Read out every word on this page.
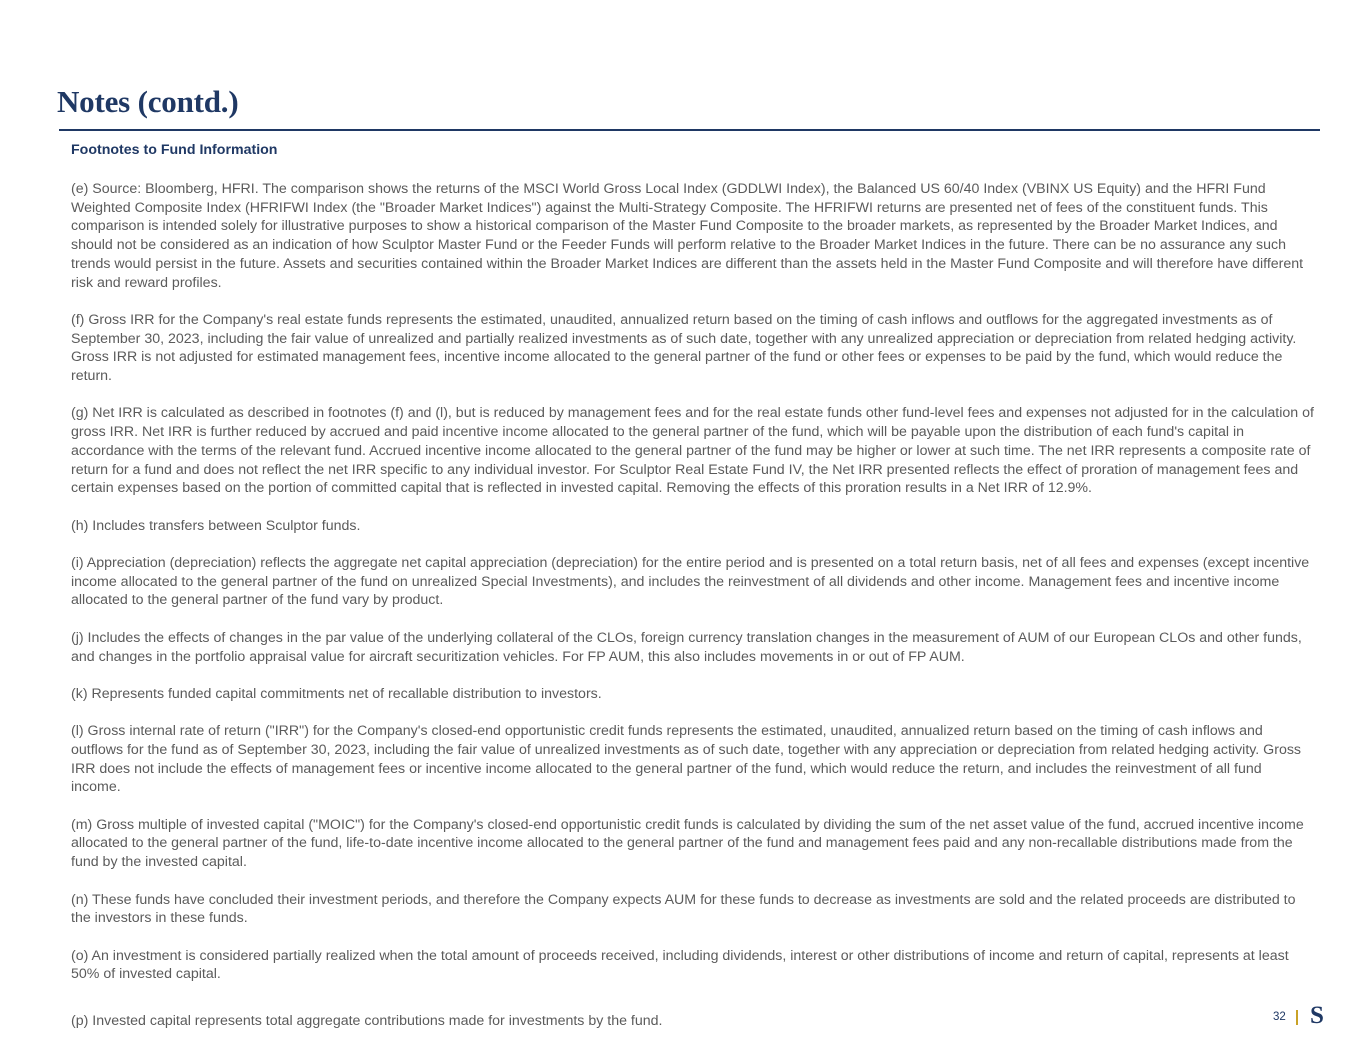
Notes (contd.)
Footnotes to Fund Information

(e) Source: Bloomberg, HFRI. The comparison shows the returns of the MSCI World Gross Local Index (GDDLWI Index), the Balanced US 60/40 Index (VBINX US Equity) and the HFRI Fund Weighted Composite Index (HFRIFWI Index (the "Broader Market Indices") against the Multi-Strategy Composite. The HFRIFWI returns are presented net of fees of the constituent funds. This comparison is intended solely for illustrative purposes to show a historical comparison of the Master Fund Composite to the broader markets, as represented by the Broader Market Indices, and should not be considered as an indication of how Sculptor Master Fund or the Feeder Funds will perform relative to the Broader Market Indices in the future. There can be no assurance any such trends would persist in the future. Assets and securities contained within the Broader Market Indices are different than the assets held in the Master Fund Composite and will therefore have different risk and reward profiles.

(f) Gross IRR for the Company's real estate funds represents the estimated, unaudited, annualized return based on the timing of cash inflows and outflows for the aggregated investments as of September 30, 2023, including the fair value of unrealized and partially realized investments as of such date, together with any unrealized appreciation or depreciation from related hedging activity. Gross IRR is not adjusted for estimated management fees, incentive income allocated to the general partner of the fund or other fees or expenses to be paid by the fund, which would reduce the return.

(g) Net IRR is calculated as described in footnotes (f) and (l), but is reduced by management fees and for the real estate funds other fund-level fees and expenses not adjusted for in the calculation of gross IRR. Net IRR is further reduced by accrued and paid incentive income allocated to the general partner of the fund, which will be payable upon the distribution of each fund's capital in accordance with the terms of the relevant fund. Accrued incentive income allocated to the general partner of the fund may be higher or lower at such time. The net IRR represents a composite rate of return for a fund and does not reflect the net IRR specific to any individual investor. For Sculptor Real Estate Fund IV, the Net IRR presented reflects the effect of proration of management fees and certain expenses based on the portion of committed capital that is reflected in invested capital. Removing the effects of this proration results in a Net IRR of 12.9%.

(h) Includes transfers between Sculptor funds.

(i) Appreciation (depreciation) reflects the aggregate net capital appreciation (depreciation) for the entire period and is presented on a total return basis, net of all fees and expenses (except incentive income allocated to the general partner of the fund on unrealized Special Investments), and includes the reinvestment of all dividends and other income. Management fees and incentive income allocated to the general partner of the fund vary by product.

(j) Includes the effects of changes in the par value of the underlying collateral of the CLOs, foreign currency translation changes in the measurement of AUM of our European CLOs and other funds, and changes in the portfolio appraisal value for aircraft securitization vehicles. For FP AUM, this also includes movements in or out of FP AUM.

(k) Represents funded capital commitments net of recallable distribution to investors.

(l) Gross internal rate of return ("IRR") for the Company's closed-end opportunistic credit funds represents the estimated, unaudited, annualized return based on the timing of cash inflows and outflows for the fund as of September 30, 2023, including the fair value of unrealized investments as of such date, together with any appreciation or depreciation from related hedging activity. Gross IRR does not include the effects of management fees or incentive income allocated to the general partner of the fund, which would reduce the return, and includes the reinvestment of all fund income.

(m) Gross multiple of invested capital ("MOIC") for the Company's closed-end opportunistic credit funds is calculated by dividing the sum of the net asset value of the fund, accrued incentive income allocated to the general partner of the fund, life-to-date incentive income allocated to the general partner of the fund and management fees paid and any non-recallable distributions made from the fund by the invested capital.

(n) These funds have concluded their investment periods, and therefore the Company expects AUM for these funds to decrease as investments are sold and the related proceeds are distributed to the investors in these funds.

(o) An investment is considered partially realized when the total amount of proceeds received, including dividends, interest or other distributions of income and return of capital, represents at least 50% of invested capital.

(p) Invested capital represents total aggregate contributions made for investments by the fund.	32 S
